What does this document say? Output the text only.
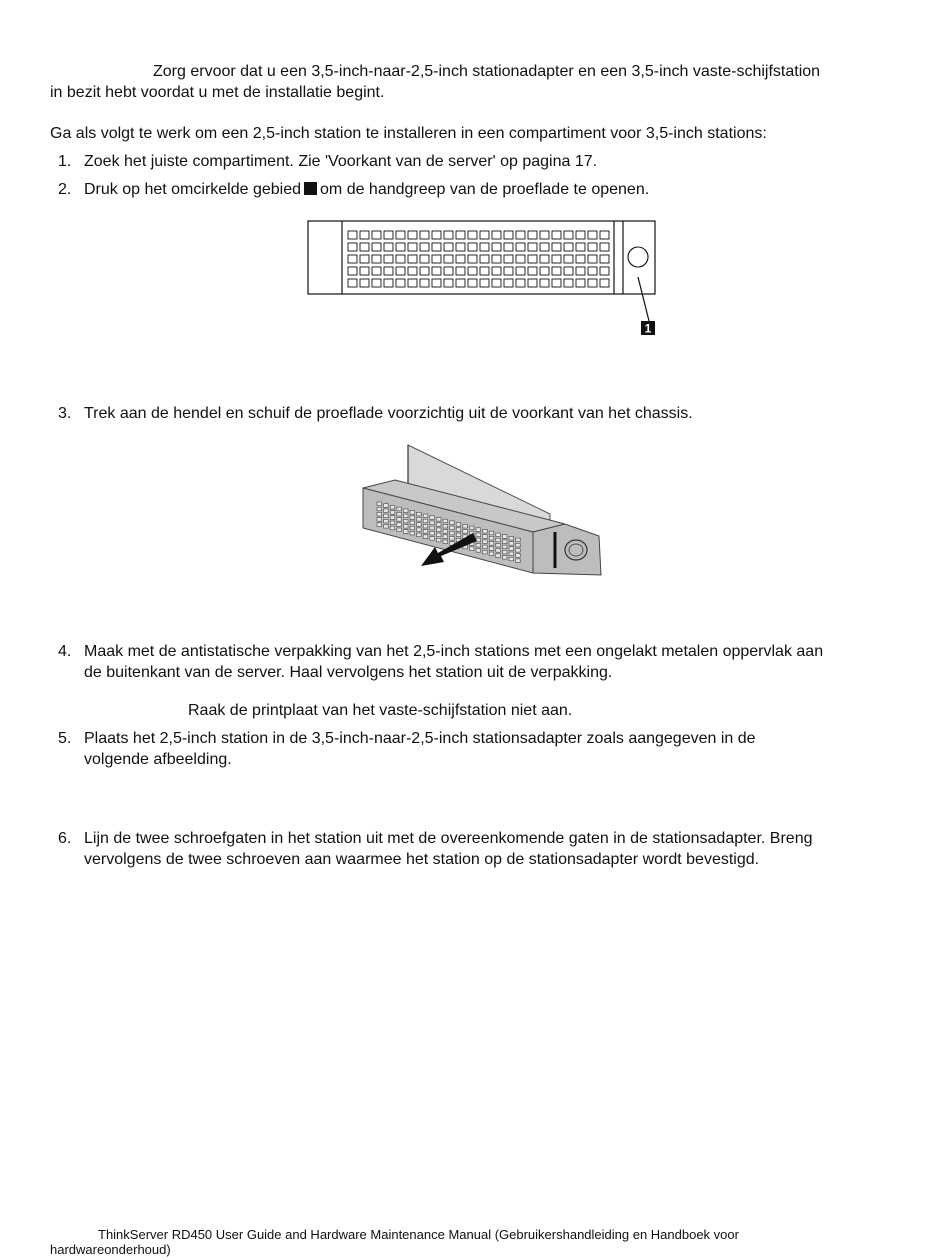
Zorg ervoor dat u een 3,5-inch-naar-2,5-inch stationadapter en een 3,5-inch vaste-schijfstation
in bezit hebt voordat u met de installatie begint.
Ga als volgt te werk om een 2,5-inch station te installeren in een compartiment voor 3,5-inch stations:
1. Zoek het juiste compartiment. Zie 'Voorkant van de server' op pagina 17.
2. Druk op het omcirkelde gebied om de handgreep van de proeflade te openen.
1
3. Trek aan de hendel en schuif de proeflade voorzichtig uit de voorkant van het chassis.
4. Maak met de antistatische verpakking van het 2,5-inch stations met een ongelakt metalen oppervlak aan
de buitenkant van de server. Haal vervolgens het station uit de verpakking.
Raak de printplaat van het vaste-schijfstation niet aan.
5. Plaats het 2,5-inch station in de 3,5-inch-naar-2,5-inch stationsadapter zoals aangegeven in de
volgende afbeelding.
6. Lijn de twee schroefgaten in het station uit met de overeenkomende gaten in de stationsadapter. Breng
vervolgens de twee schroeven aan waarmee het station op de stationsadapter wordt bevestigd.
ThinkServer RD450 User Guide and Hardware Maintenance Manual (Gebruikershandleiding en Handboek voor
hardwareonderhoud)
